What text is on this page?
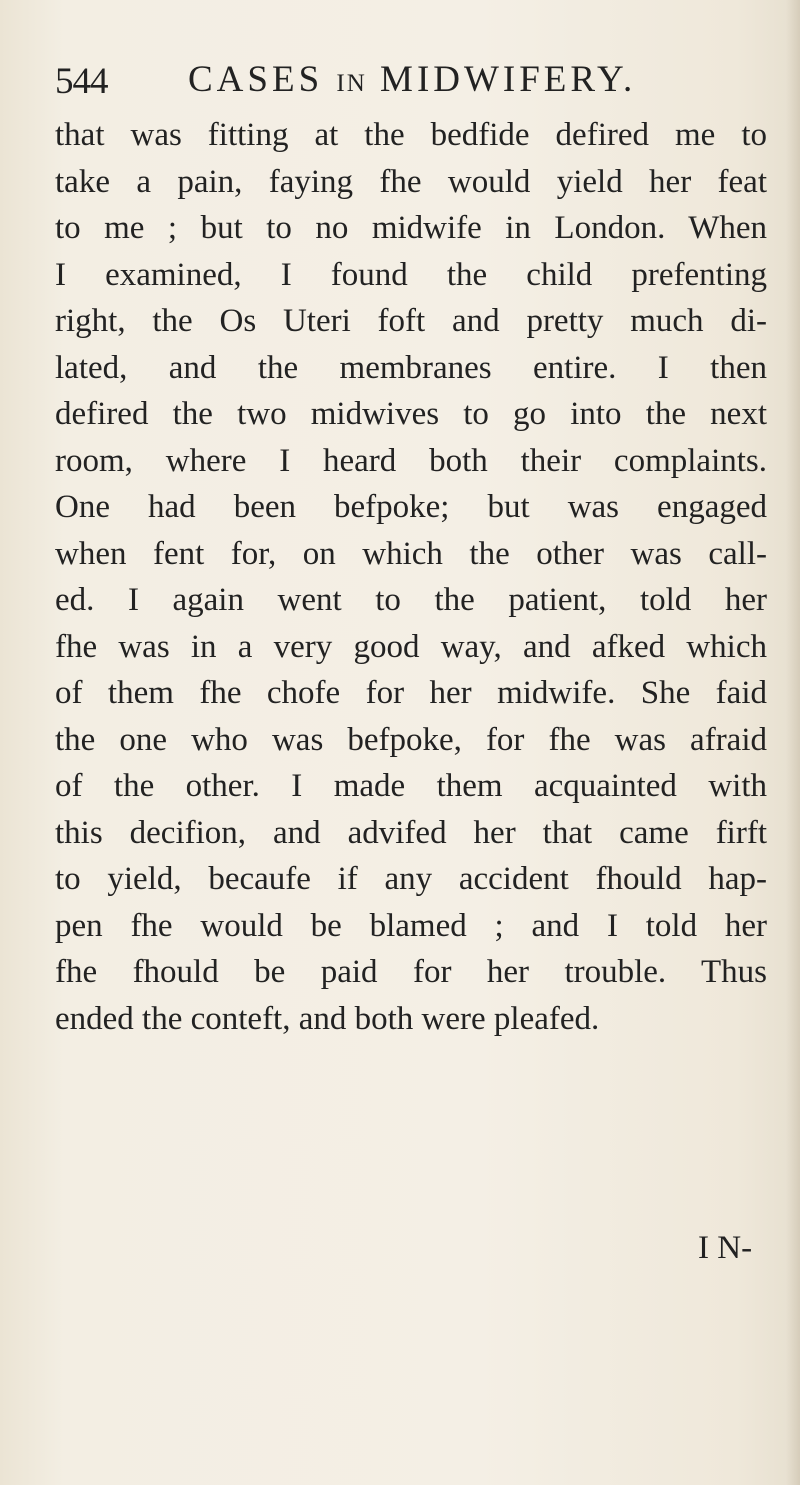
544 CASES IN MIDWIFERY.
that was fitting at the bedfide defired me to
take a pain, faying fhe would yield her feat
to me ; but to no midwife in London. When
I examined, I found the child prefenting
right, the Os Uteri foft and pretty much di-
lated, and the membranes entire. I then
defired the two midwives to go into the next
room, where I heard both their complaints.
One had been befpoke; but was engaged
when fent for, on which the other was call-
ed. I again went to the patient, told her
fhe was in a very good way, and afked which
of them fhe chofe for her midwife. She faid
the one who was befpoke, for fhe was afraid
of the other. I made them acquainted with
this decifion, and advifed her that came firft
to yield, becaufe if any accident fhould hap-
pen fhe would be blamed ; and I told her
fhe fhould be paid for her trouble. Thus
ended the conteft, and both were pleafed.
I N-
